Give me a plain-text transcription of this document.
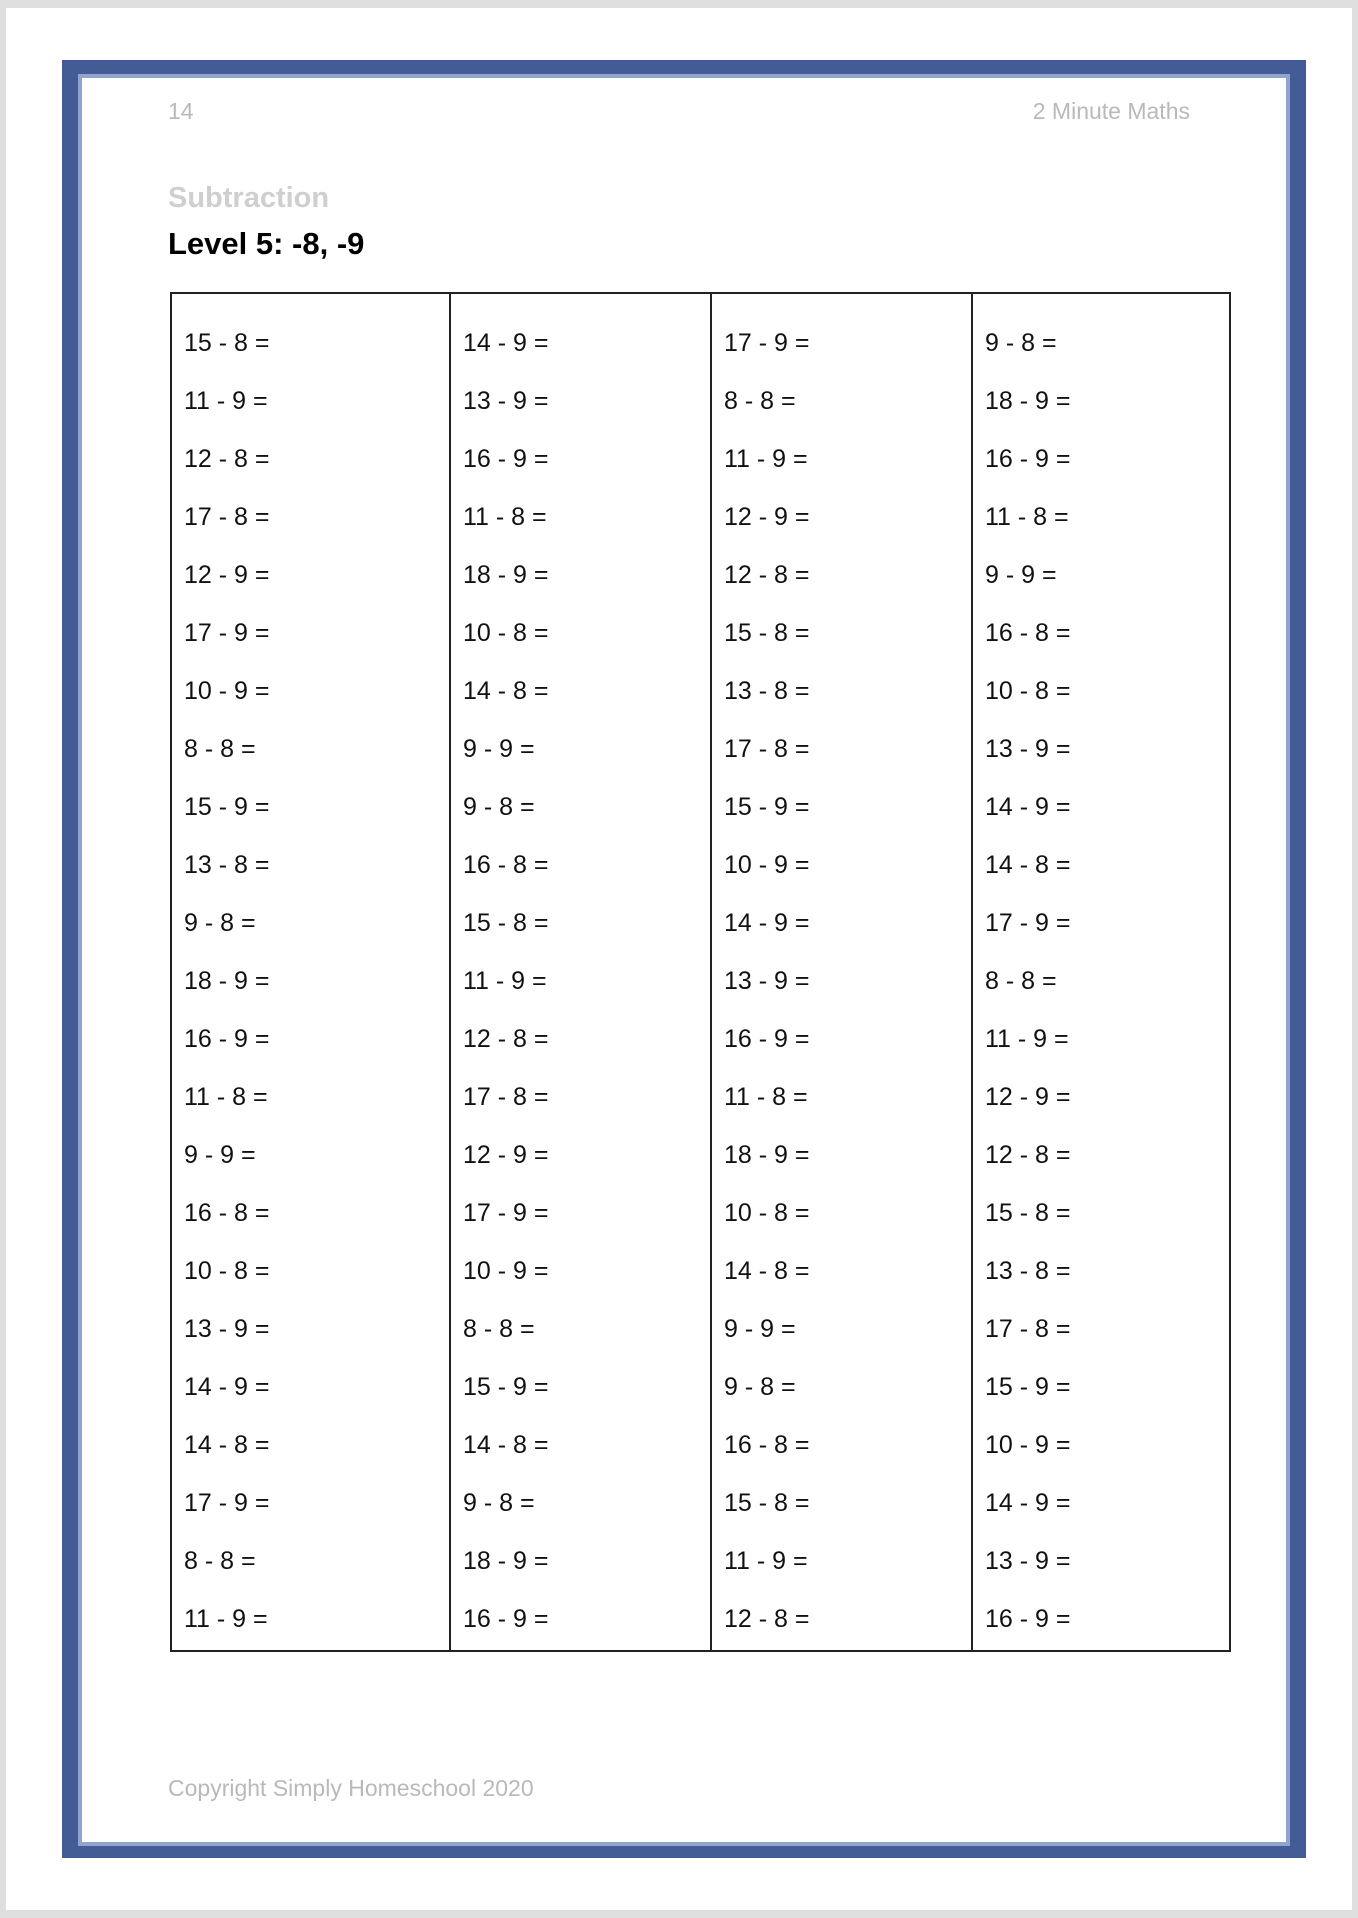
14	2 Minute Maths
Subtraction
Level 5: -8, -9
15 - 8 =
11 - 9 =
12 - 8 =
17 - 8 =
12 - 9 =
17 - 9 =
10 - 9 =
8 - 8 =
15 - 9 =
13 - 8 =
9 - 8 =
18 - 9 =
16 - 9 =
11 - 8 =
9 - 9 =
16 - 8 =
10 - 8 =
13 - 9 =
14 - 9 =
14 - 8 =
17 - 9 =
8 - 8 =
11 - 9 =
14 - 9 =
13 - 9 =
16 - 9 =
11 - 8 =
18 - 9 =
10 - 8 =
14 - 8 =
9 - 9 =
9 - 8 =
16 - 8 =
15 - 8 =
11 - 9 =
12 - 8 =
17 - 8 =
12 - 9 =
17 - 9 =
10 - 9 =
8 - 8 =
15 - 9 =
14 - 8 =
9 - 8 =
18 - 9 =
16 - 9 =
17 - 9 =
8 - 8 =
11 - 9 =
12 - 9 =
12 - 8 =
15 - 8 =
13 - 8 =
17 - 8 =
15 - 9 =
10 - 9 =
14 - 9 =
13 - 9 =
16 - 9 =
11 - 8 =
18 - 9 =
10 - 8 =
14 - 8 =
9 - 9 =
9 - 8 =
16 - 8 =
15 - 8 =
11 - 9 =
12 - 8 =
9 - 8 =
18 - 9 =
16 - 9 =
11 - 8 =
9 - 9 =
16 - 8 =
10 - 8 =
13 - 9 =
14 - 9 =
14 - 8 =
17 - 9 =
8 - 8 =
11 - 9 =
12 - 9 =
12 - 8 =
15 - 8 =
13 - 8 =
17 - 8 =
15 - 9 =
10 - 9 =
14 - 9 =
13 - 9 =
16 - 9 =
Copyright Simply Homeschool 2020
